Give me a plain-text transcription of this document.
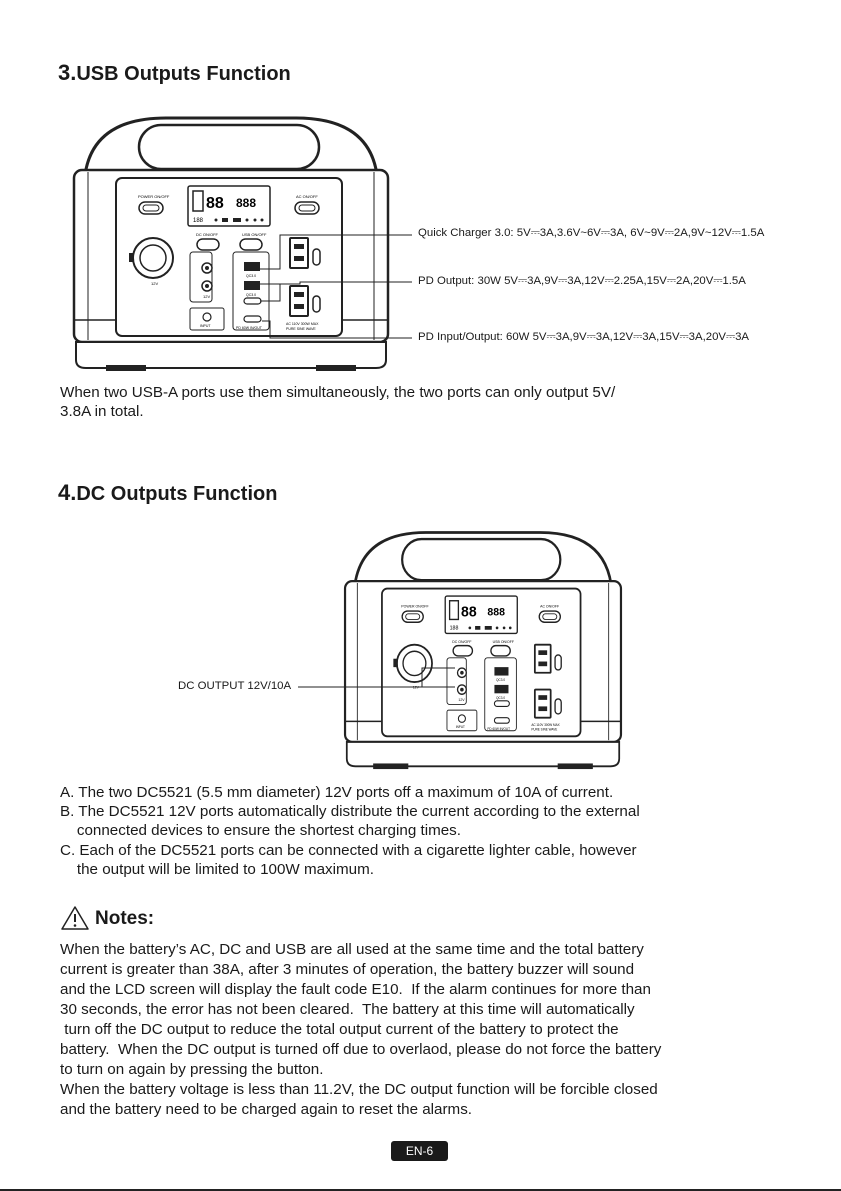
3.USB Outputs Function
88 888
188
POWER ON/OFF	AC ON/OFF
12V
DC ON/OFF
12V
USB ON/OFF
QC3.0
QC3.0
PD 60W IN/OUT
INPUT	AC 110V 300W MAX
PURE SINE WAVE
Quick Charger 3.0: 5V⎓3A,3.6V~6V⎓3A, 6V~9V⎓2A,9V~12V⎓1.5A
PD Output: 30W 5V⎓3A,9V⎓3A,12V⎓2.25A,15V⎓2A,20V⎓1.5A
PD Input/Output: 60W 5V⎓3A,9V⎓3A,12V⎓3A,15V⎓3A,20V⎓3A
When two USB-A ports use them simultaneously, the two ports can only output 5V/
3.8A in total.
4.DC Outputs Function
88 888
188
POWER ON/OFF	AC ON/OFF
12V
DC ON/OFF
12V
USB ON/OFF
QC3.0
QC3.0
PD 60W IN/OUT
INPUT	AC 110V 300W MAX
PURE SINE WAVE
DC OUTPUT 12V/10A
A. The two DC5521 (5.5 mm diameter) 12V ports off a maximum of 10A of current.
B. The DC5521 12V ports automatically distribute the current according to the external
connected devices to ensure the shortest charging times.
C. Each of the DC5521 ports can be connected with a cigarette lighter cable, however
the output will be limited to 100W maximum.
Notes:
When the battery’s AC, DC and USB are all used at the same time and the total battery
current is greater than 38A, after 3 minutes of operation, the battery buzzer will sound
and the LCD screen will display the fault code E10.  If the alarm continues for more than
30 seconds, the error has not been cleared.  The battery at this time will automatically
turn off the DC output to reduce the total output current of the battery to protect the
battery.  When the DC output is turned off due to overlaod, please do not force the battery
to turn on again by pressing the button.
When the battery voltage is less than 11.2V, the DC output function will be forcible closed
and the battery need to be charged again to reset the alarms.
EN-6
